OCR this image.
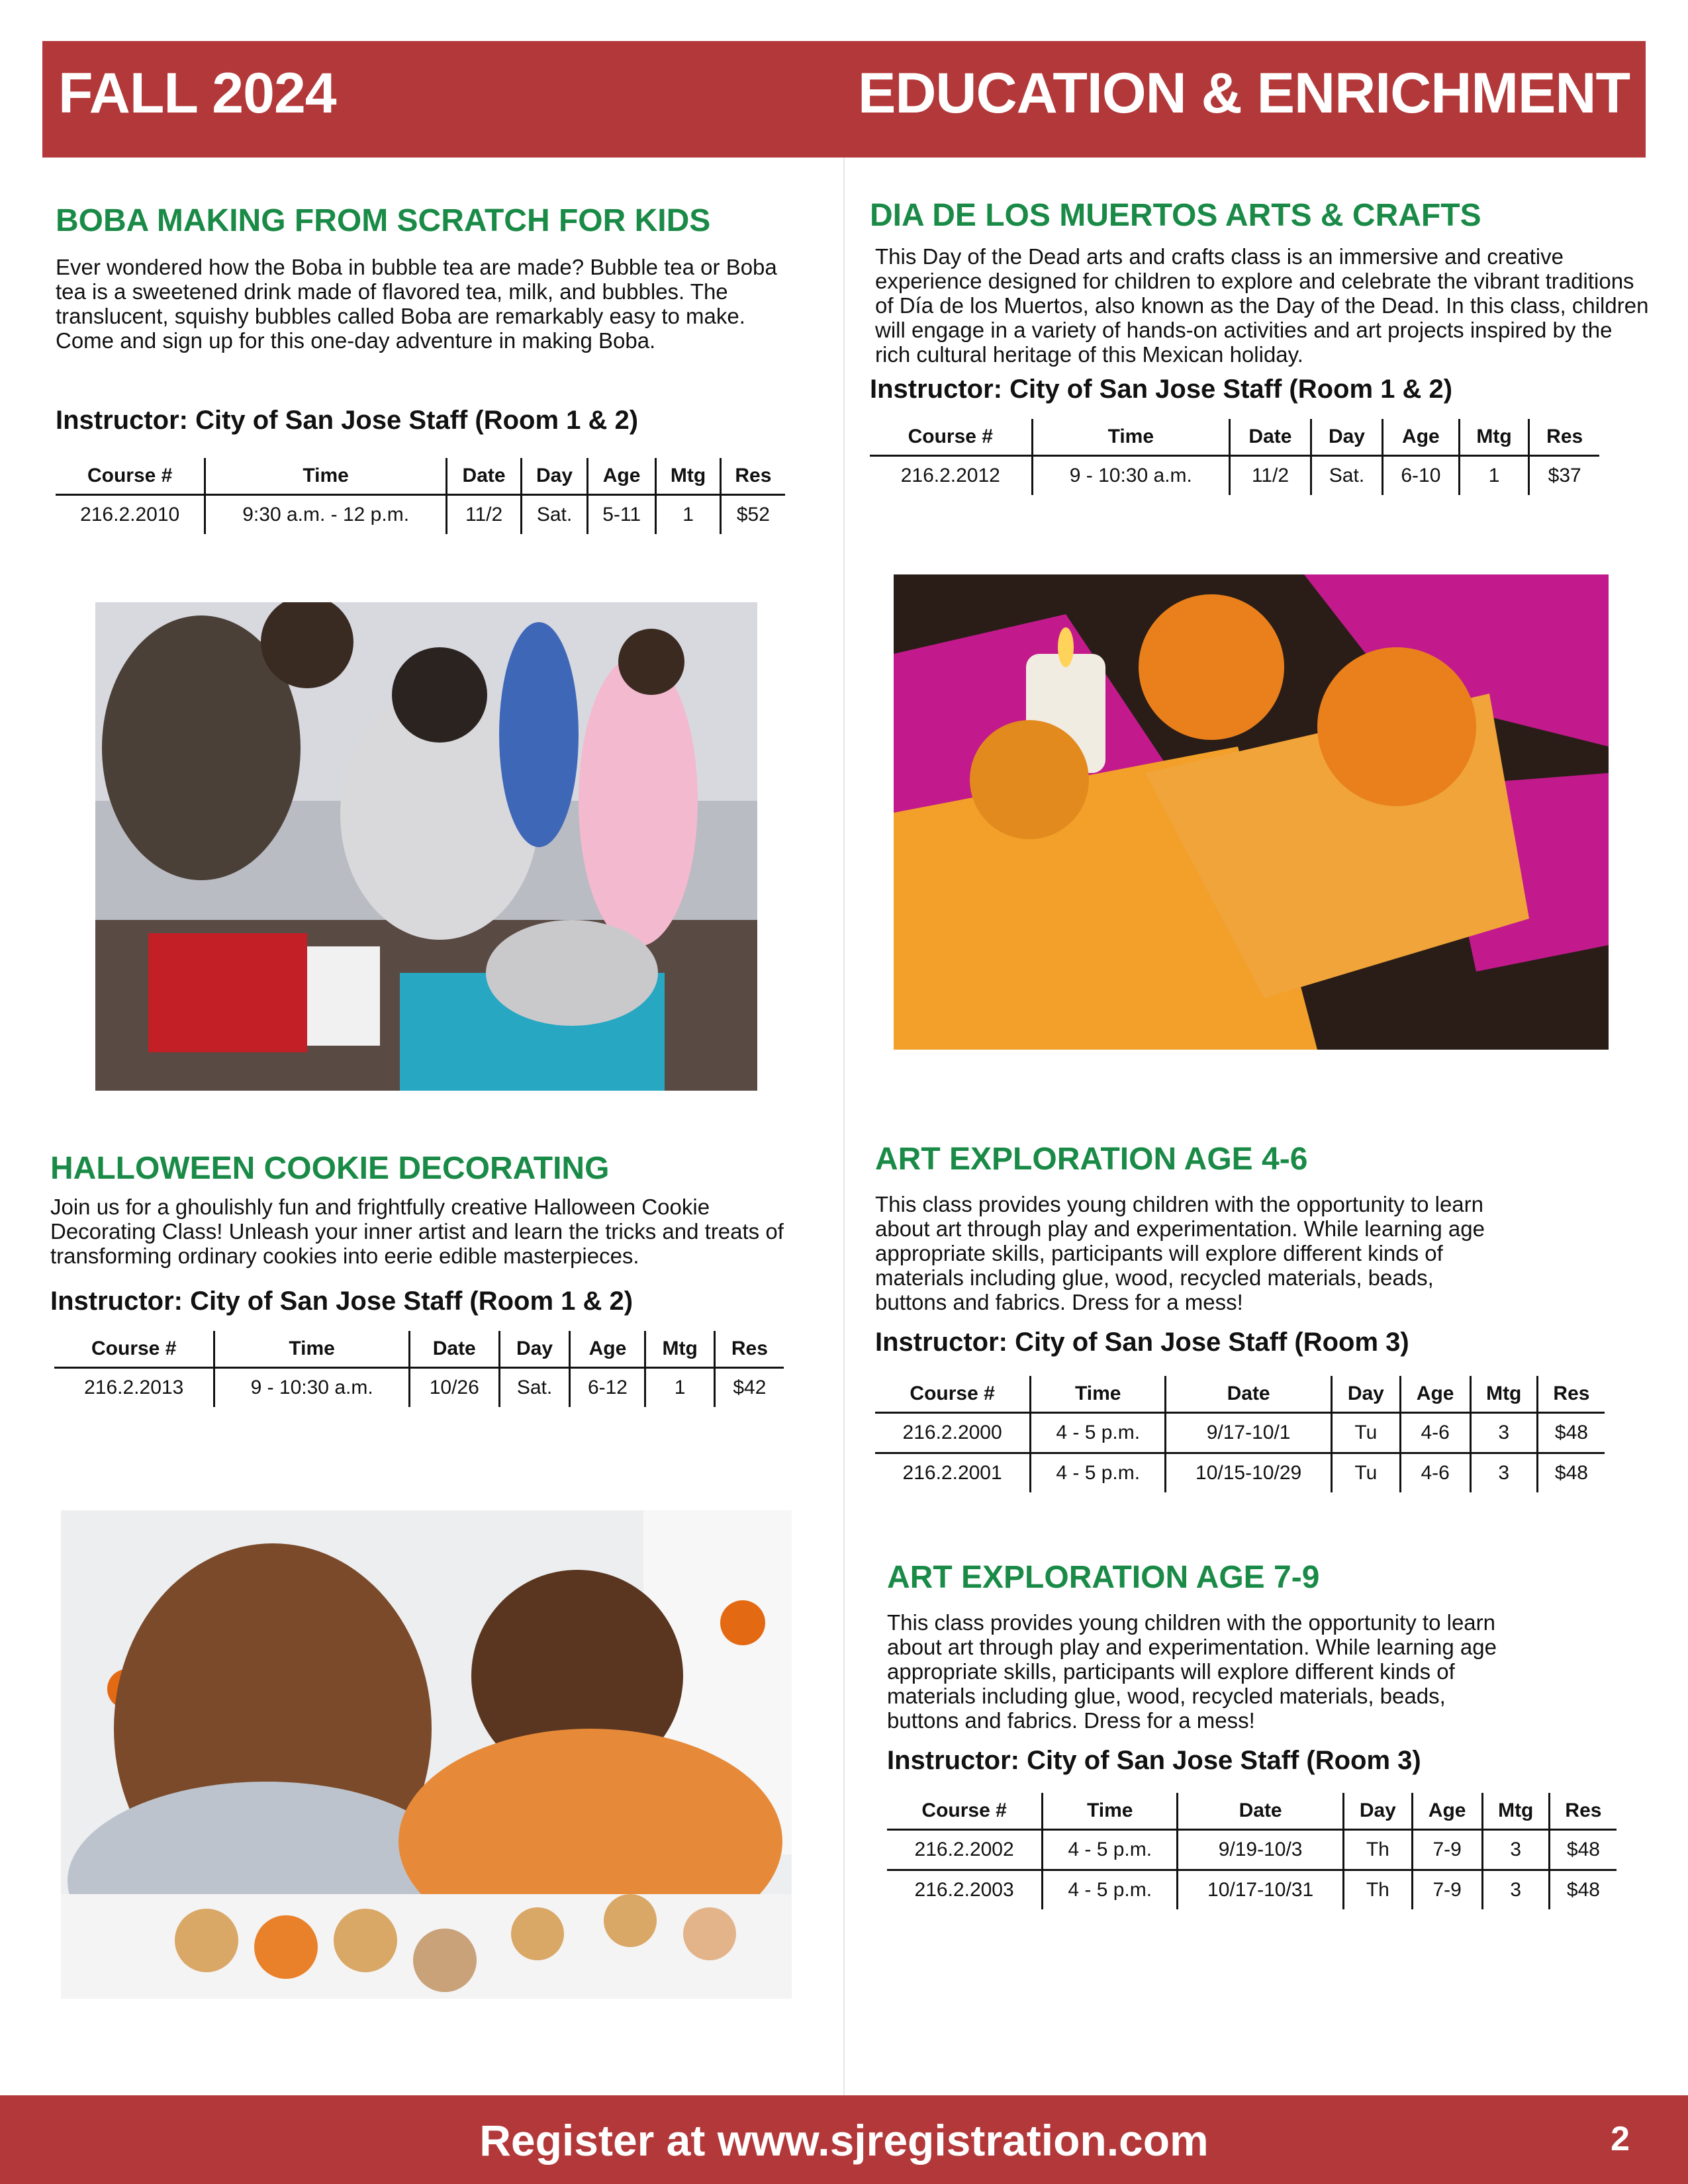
FALL 2024	EDUCATION & ENRICHMENT
BOBA MAKING FROM SCRATCH FOR KIDS

Ever wondered how the Boba in bubble tea are made? Bubble tea or Boba tea is a sweetened drink made of flavored tea, milk, and bubbles. The translucent, squishy bubbles called Boba are remarkably easy to make. Come and sign up for this one-day adventure in making Boba.

Instructor: City of San Jose Staff (Room 1 & 2)

Course #	Time	Date	Day	Age	Mtg	Res
216.2.2010	9:30 a.m. - 12 p.m.	11/2	Sat.	5-11	1	$52
DIA DE LOS MUERTOS ARTS & CRAFTS

This Day of the Dead arts and crafts class is an immersive and creative experience designed for children to explore and celebrate the vibrant traditions of Día de los Muertos, also known as the Day of the Dead. In this class, children will engage in a variety of hands-on activities and art projects inspired by the rich cultural heritage of this Mexican holiday.

Instructor: City of San Jose Staff (Room 1 & 2)

Course #	Time	Date	Day	Age	Mtg	Res
216.2.2012	9 - 10:30 a.m.	11/2	Sat.	6-10	1	$37
HALLOWEEN COOKIE DECORATING

Join us for a ghoulishly fun and frightfully creative Halloween Cookie Decorating Class! Unleash your inner artist and learn the tricks and treats of transforming ordinary cookies into eerie edible masterpieces.

Instructor: City of San Jose Staff (Room 1 & 2)

Course #	Time	Date	Day	Age	Mtg	Res
216.2.2013	9 - 10:30 a.m.	10/26	Sat.	6-12	1	$42
ART EXPLORATION AGE 4-6

This class provides young children with the opportunity to learn about art through play and experimentation. While learning age appropriate skills, participants will explore different kinds of materials including glue, wood, recycled materials, beads, buttons and fabrics. Dress for a mess!

Instructor: City of San Jose Staff (Room 3)

Course #	Time	Date	Day	Age	Mtg	Res
216.2.2000	4 - 5 p.m.	9/17-10/1	Tu	4-6	3	$48
216.2.2001	4 - 5 p.m.	10/15-10/29	Tu	4-6	3	$48
ART EXPLORATION AGE 7-9

This class provides young children with the opportunity to learn about art through play and experimentation. While learning age appropriate skills, participants will explore different kinds of materials including glue, wood, recycled materials, beads, buttons and fabrics. Dress for a mess!

Instructor: City of San Jose Staff (Room 3)

Course #	Time	Date	Day	Age	Mtg	Res
216.2.2002	4 - 5 p.m.	9/19-10/3	Th	7-9	3	$48
216.2.2003	4 - 5 p.m.	10/17-10/31	Th	7-9	3	$48
Register at www.sjregistration.com	2
